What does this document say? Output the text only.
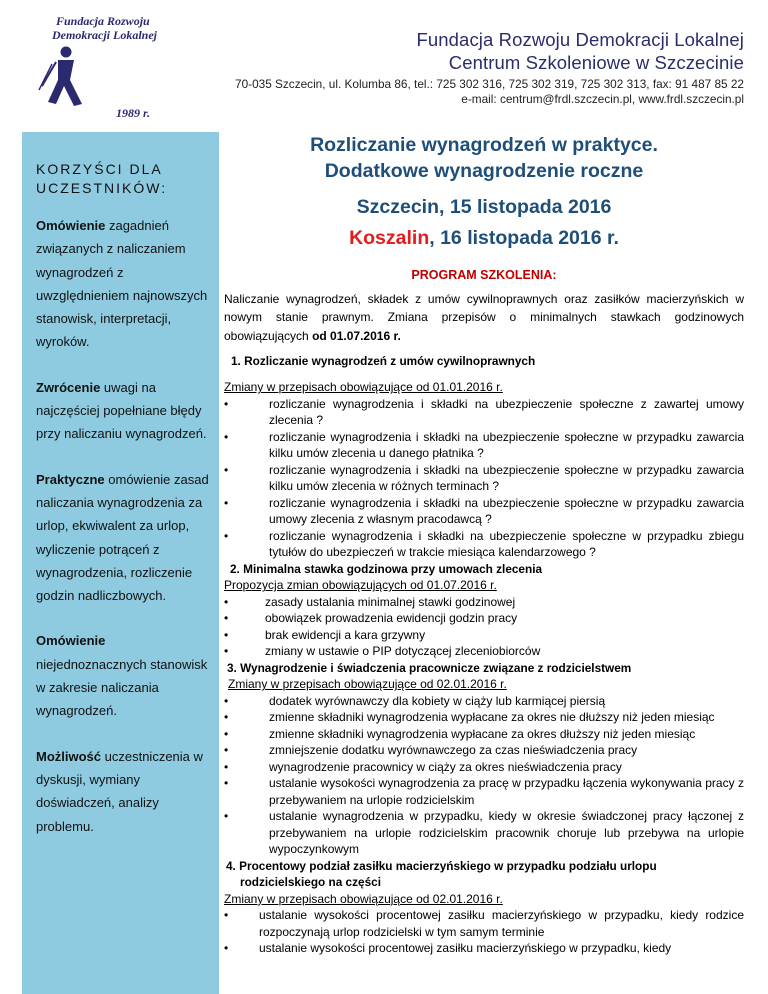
Fundacja Rozwoju
Demokracji Lokalnej
1989 r.
Fundacja Rozwoju Demokracji Lokalnej
Centrum Szkoleniowe w Szczecinie
70-035 Szczecin, ul. Kolumba 86, tel.: 725 302 316, 725 302 319, 725 302 313, fax: 91 487 85 22
e-mail: centrum@frdl.szczecin.pl, www.frdl.szczecin.pl
KORZYŚCI DLA
UCZESTNIKÓW:

Omówienie zagadnień związanych z naliczaniem wynagrodzeń z uwzględnieniem najnowszych stanowisk, interpretacji, wyroków.

Zwrócenie uwagi na najczęściej popełniane błędy przy naliczaniu wynagrodzeń.

Praktyczne omówienie zasad naliczania wynagrodzenia za urlop, ekwiwalent za urlop, wyliczenie potrąceń z wynagrodzenia, rozliczenie godzin nadliczbowych.

Omówienie
niejednoznacznych stanowisk w zakresie naliczania wynagrodzeń.

Możliwość uczestniczenia w dyskusji, wymiany doświadczeń, analizy problemu.

Rozliczanie wynagrodzeń w praktyce.
Dodatkowe wynagrodzenie roczne
Szczecin, 15 listopada 2016
Koszalin, 16 listopada 2016 r.
PROGRAM SZKOLENIA:

Naliczanie wynagrodzeń, składek z umów cywilnoprawnych oraz zasiłków macierzyńskich w nowym stanie prawnym. Zmiana przepisów o minimalnych stawkach godzinowych obowiązujących od 01.07.2016 r.

1. Rozliczanie wynagrodzeń z umów cywilnoprawnych
Zmiany w przepisach obowiązujące od 01.01.2016 r.
• rozliczanie wynagrodzenia i składki na ubezpieczenie społeczne z zawartej umowy zlecenia ?
• rozliczanie wynagrodzenia i składki na ubezpieczenie społeczne w przypadku zawarcia kilku umów zlecenia u danego płatnika ?
• rozliczanie wynagrodzenia i składki na ubezpieczenie społeczne w przypadku zawarcia kilku umów zlecenia w różnych terminach ?
• rozliczanie wynagrodzenia i składki na ubezpieczenie społeczne w przypadku zawarcia umowy zlecenia z własnym pracodawcą ?
• rozliczanie wynagrodzenia i składki na ubezpieczenie społeczne w przypadku zbiegu tytułów do ubezpieczeń w trakcie miesiąca kalendarzowego ?
2. Minimalna stawka godzinowa przy umowach zlecenia
Propozycja zmian obowiązujących od 01.07.2016 r.
• zasady ustalania minimalnej stawki godzinowej
• obowiązek prowadzenia ewidencji godzin pracy
• brak ewidencji a kara grzywny
• zmiany w ustawie o PIP dotyczącej zleceniobiorców
3. Wynagrodzenie i świadczenia pracownicze związane z rodzicielstwem
Zmiany w przepisach obowiązujące od 02.01.2016 r.
• dodatek wyrównawczy dla kobiety w ciąży lub karmiącej piersią
• zmienne składniki wynagrodzenia wypłacane za okres nie dłuższy niż jeden miesiąc
• zmienne składniki wynagrodzenia wypłacane za okres dłuższy niż jeden miesiąc
• zmniejszenie dodatku wyrównawczego za czas nieświadczenia pracy
• wynagrodzenie pracownicy w ciąży za okres nieświadczenia pracy
• ustalanie wysokości wynagrodzenia za pracę w przypadku łączenia wykonywania pracy z przebywaniem na urlopie rodzicielskim
• ustalanie wynagrodzenia w przypadku, kiedy w okresie świadczonej pracy łączonej z przebywaniem na urlopie rodzicielskim pracownik choruje lub przebywa na urlopie wypoczynkowym
4. Procentowy podział zasiłku macierzyńskiego w przypadku podziału urlopu
rodzicielskiego na części
Zmiany w przepisach obowiązujące od 02.01.2016 r.
• ustalanie wysokości procentowej zasiłku macierzyńskiego w przypadku, kiedy rodzice rozpoczynają urlop rodzicielski w tym samym terminie
• ustalanie wysokości procentowej zasiłku macierzyńskiego w przypadku, kiedy
